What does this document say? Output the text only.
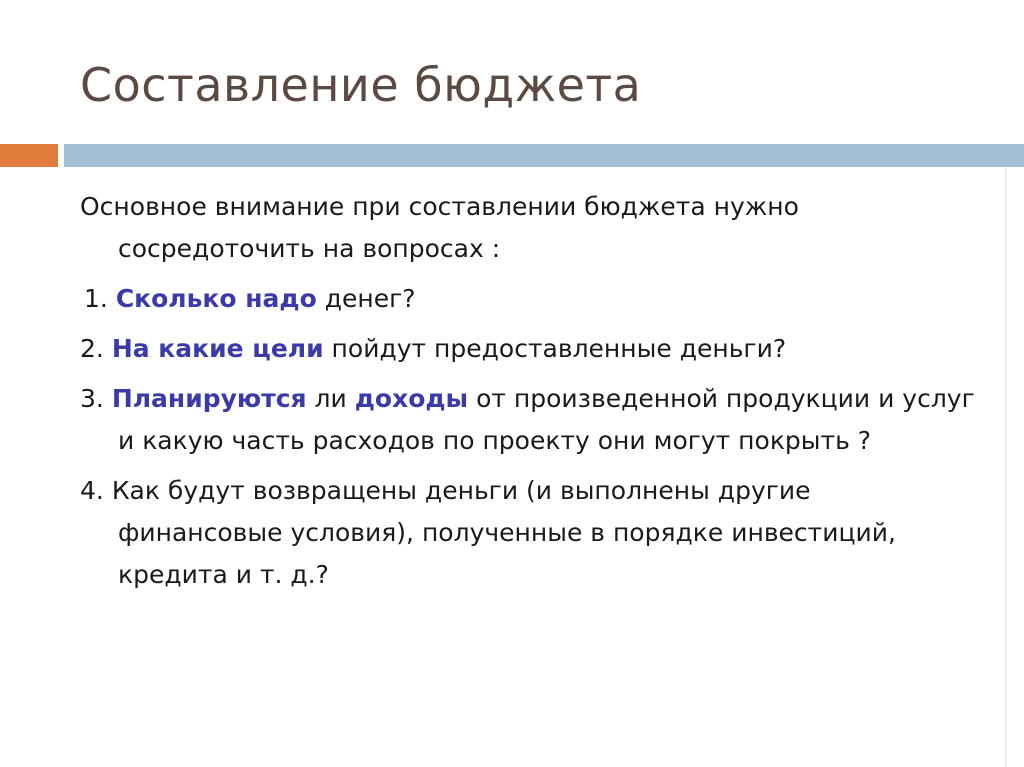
Составление бюджета

Основное внимание при составлении бюджета нужно сосредоточить на вопросах :

1. Сколько надо денег?

2. На какие цели пойдут предоставленные деньги?

3. Планируются ли доходы от произведенной продукции и услуг и какую часть расходов по проекту они могут покрыть ?

4. Как будут возвращены деньги (и выполнены другие финансовые условия), полученные в порядке инвестиций, кредита и т. д.?
